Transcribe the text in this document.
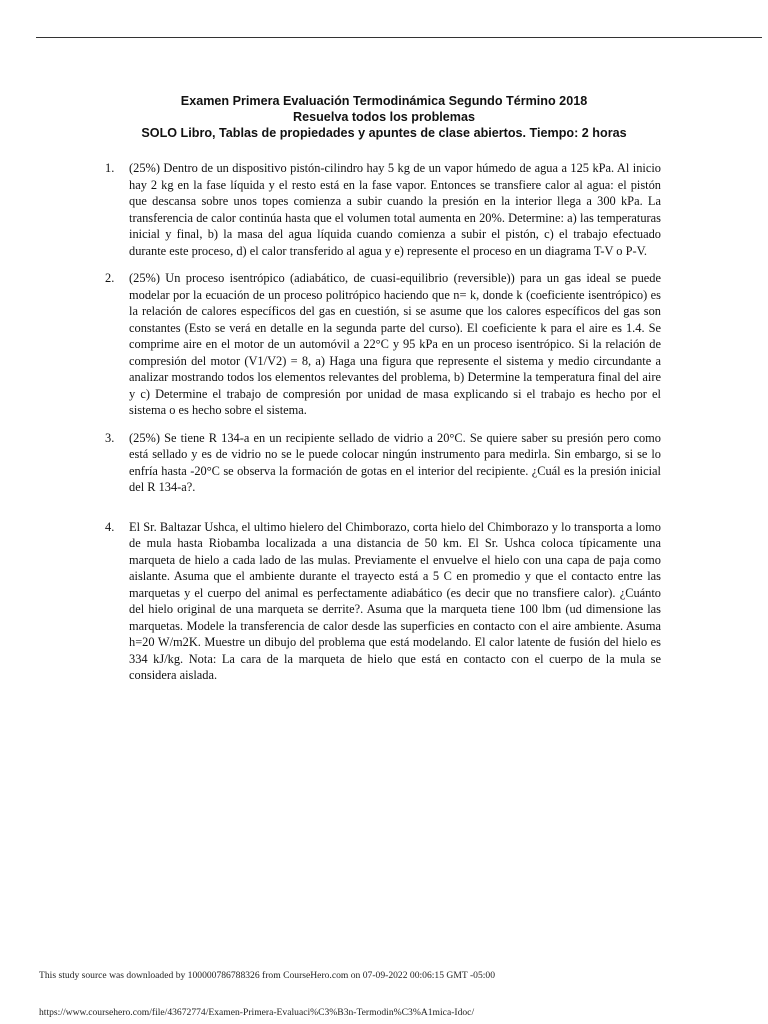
Examen Primera Evaluación Termodinámica Segundo Término 2018
Resuelva todos los problemas
SOLO Libro, Tablas de propiedades y apuntes de clase abiertos. Tiempo: 2 horas
1. (25%) Dentro de un dispositivo pistón-cilindro hay 5 kg de un vapor húmedo de agua a 125 kPa. Al inicio hay 2 kg en la fase líquida y el resto está en la fase vapor. Entonces se transfiere calor al agua: el pistón que descansa sobre unos topes comienza a subir cuando la presión en la interior llega a 300 kPa. La transferencia de calor continúa hasta que el volumen total aumenta en 20%. Determine: a) las temperaturas inicial y final, b) la masa del agua líquida cuando comienza a subir el pistón, c) el trabajo efectuado durante este proceso, d) el calor transferido al agua y e) represente el proceso en un diagrama T-V o P-V.
2. (25%) Un proceso isentrópico (adiabático, de cuasi-equilibrio (reversible)) para un gas ideal se puede modelar por la ecuación de un proceso politrópico haciendo que n= k, donde k (coeficiente isentrópico) es la relación de calores específicos del gas en cuestión, si se asume que los calores específicos del gas son constantes (Esto se verá en detalle en la segunda parte del curso). El coeficiente k para el aire es 1.4. Se comprime aire en el motor de un automóvil a 22°C y 95 kPa en un proceso isentrópico. Si la relación de compresión del motor (V1/V2) = 8, a) Haga una figura que represente el sistema y medio circundante a analizar mostrando todos los elementos relevantes del problema, b) Determine la temperatura final del aire y c) Determine el trabajo de compresión por unidad de masa explicando si el trabajo es hecho por el sistema o es hecho sobre el sistema.
3. (25%) Se tiene R 134-a en un recipiente sellado de vidrio a 20°C. Se quiere saber su presión pero como está sellado y es de vidrio no se le puede colocar ningún instrumento para medirla. Sin embargo, si se lo enfría hasta -20°C se observa la formación de gotas en el interior del recipiente. ¿Cuál es la presión inicial del R 134-a?.
4. El Sr. Baltazar Ushca, el ultimo hielero del Chimborazo, corta hielo del Chimborazo y lo transporta a lomo de mula hasta Riobamba localizada a una distancia de 50 km. El Sr. Ushca coloca típicamente una marqueta de hielo a cada lado de las mulas. Previamente el envuelve el hielo con una capa de paja como aislante. Asuma que el ambiente durante el trayecto está a 5 C en promedio y que el contacto entre las marquetas y el cuerpo del animal es perfectamente adiabático (es decir que no transfiere calor). ¿Cuánto del hielo original de una marqueta se derrite?. Asuma que la marqueta tiene 100 lbm (ud dimensione las marquetas. Modele la transferencia de calor desde las superficies en contacto con el aire ambiente. Asuma h=20 W/m2K. Muestre un dibujo del problema que está modelando. El calor latente de fusión del hielo es 334 kJ/kg. Nota: La cara de la marqueta de hielo que está en contacto con el cuerpo de la mula se considera aislada.
This study source was downloaded by 100000786788326 from CourseHero.com on 07-09-2022 00:06:15 GMT -05:00
https://www.coursehero.com/file/43672774/Examen-Primera-Evaluaci%C3%B3n-Termodin%C3%A1mica-Idoc/
